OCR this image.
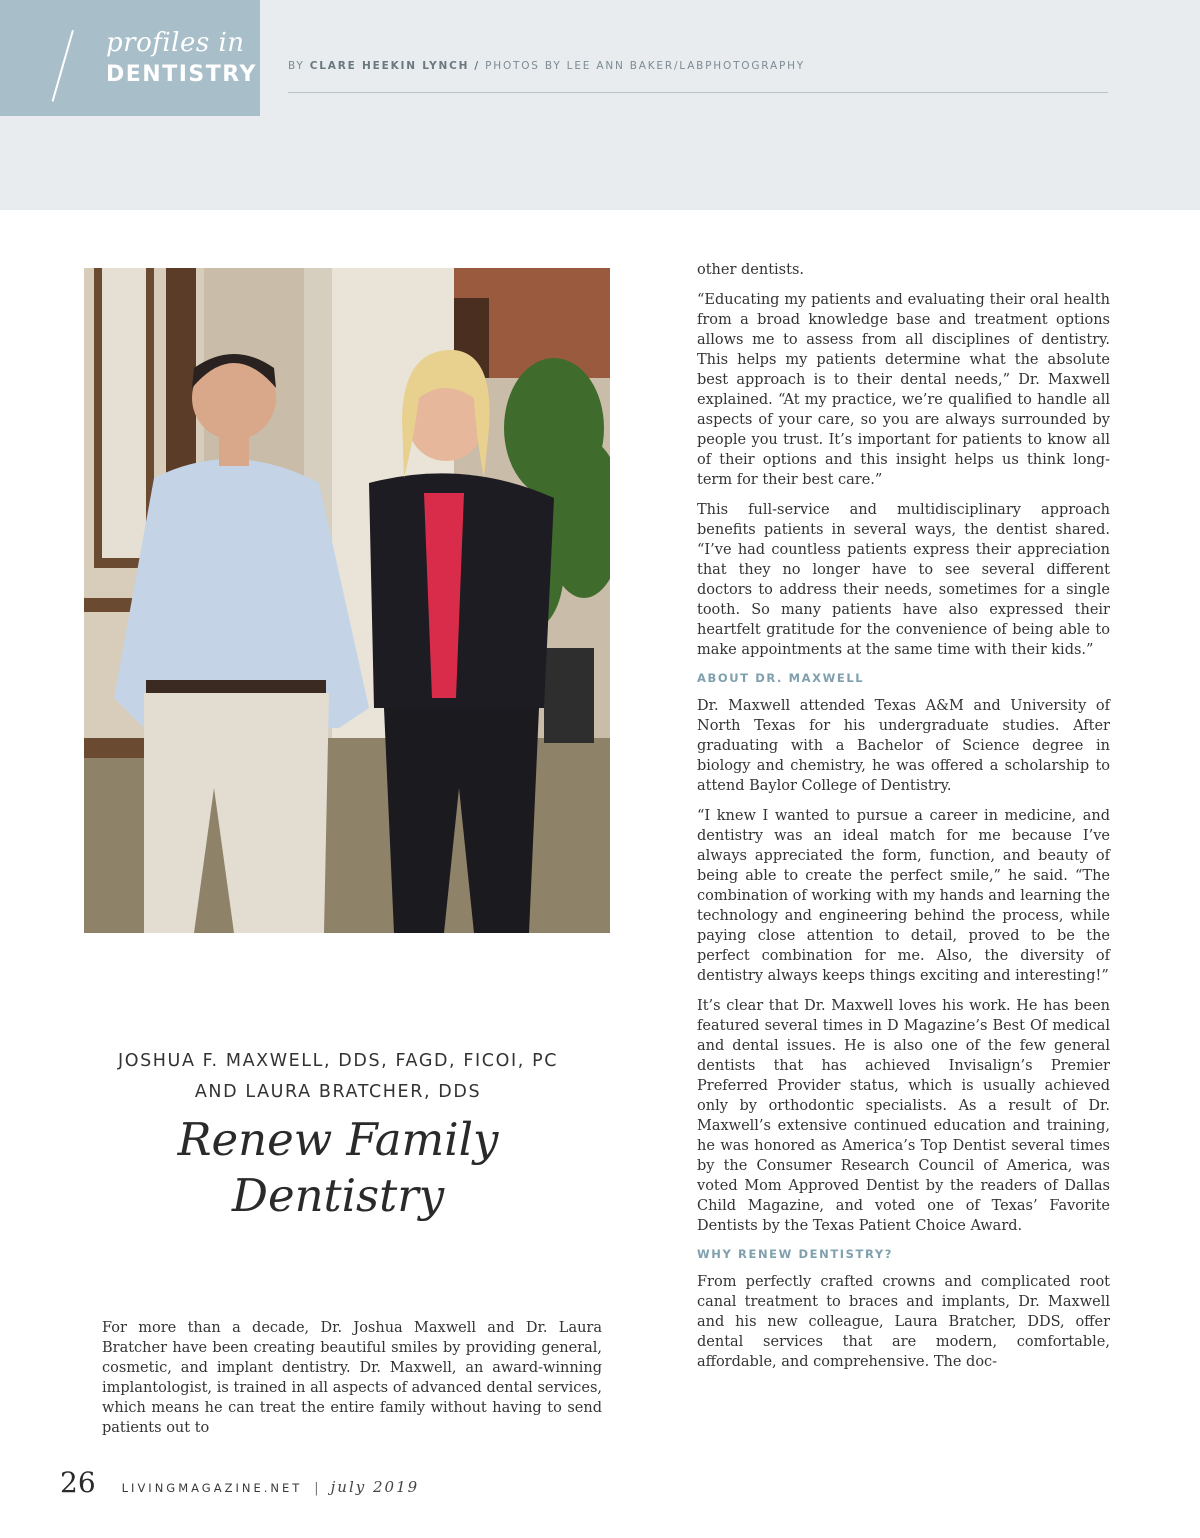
profiles in
DENTISTRY	BY CLARE HEEKIN LYNCH / PHOTOS BY LEE ANN BAKER/LABPHOTOGRAPHY
JOSHUA F. MAXWELL, DDS, FAGD, FICOI, PC
AND LAURA BRATCHER, DDS
Renew Family
Dentistry

For more than a decade, Dr. Joshua Maxwell and Dr. Laura Bratcher have been creating beautiful smiles by providing general, cosmetic, and implant dentistry. Dr. Maxwell, an award-winning implantologist, is trained in all aspects of advanced dental services, which means he can treat the entire family without having to send patients out to

other dentists.

“Educating my patients and evaluating their oral health from a broad knowledge base and treatment options allows me to assess from all disciplines of dentistry. This helps my patients determine what the absolute best approach is to their dental needs,” Dr. Maxwell explained. “At my practice, we’re qualified to handle all aspects of your care, so you are always surrounded by people you trust. It’s important for patients to know all of their options and this insight helps us think long-term for their best care.”

This full-service and multidisciplinary approach benefits patients in several ways, the dentist shared. “I’ve had countless patients express their appreciation that they no longer have to see several different doctors to address their needs, sometimes for a single tooth. So many patients have also expressed their heartfelt gratitude for the convenience of being able to make appointments at the same time with their kids.”

ABOUT DR. MAXWELL

Dr. Maxwell attended Texas A&M and University of North Texas for his undergraduate studies. After graduating with a Bachelor of Science degree in biology and chemistry, he was offered a scholarship to attend Baylor College of Dentistry.

“I knew I wanted to pursue a career in medicine, and dentistry was an ideal match for me because I’ve always appreciated the form, function, and beauty of being able to create the perfect smile,” he said. “The combination of working with my hands and learning the technology and engineering behind the process, while paying close attention to detail, proved to be the perfect combination for me. Also, the diversity of dentistry always keeps things exciting and interesting!”

It’s clear that Dr. Maxwell loves his work. He has been featured several times in D Magazine’s Best Of medical and dental issues. He is also one of the few general dentists that has achieved Invisalign’s Premier Preferred Provider status, which is usually achieved only by orthodontic specialists. As a result of Dr. Maxwell’s extensive continued education and training, he was honored as America’s Top Dentist several times by the Consumer Research Council of America, was voted Mom Approved Dentist by the readers of Dallas Child Magazine, and voted one of Texas’ Favorite Dentists by the Texas Patient Choice Award.

WHY RENEW DENTISTRY?

From perfectly crafted crowns and complicated root canal treatment to braces and implants, Dr. Maxwell and his new colleague, Laura Bratcher, DDS, offer dental services that are modern, comfortable, affordable, and comprehensive. The doc-

26 LIVINGMAGAZINE.NET | july 2019
